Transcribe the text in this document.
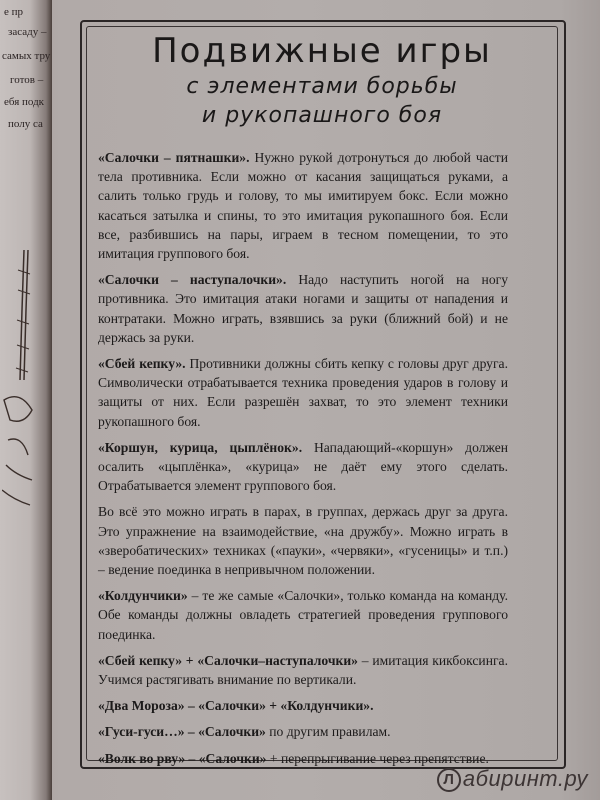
е пр
засаду –
самых тру
готов –
ебя подк
полу са
Подвижные игры
с элементами борьбы
и рукопашного боя

«Салочки – пятнашки». Нужно рукой дотронуться до любой части тела противника. Если можно от касания защищаться руками, а салить только грудь и голову, то мы имитируем бокс. Если можно касаться затылка и спины, то это имитация рукопашного боя. Если все, разбившись на пары, играем в тесном помещении, то это имитация группового боя.

«Салочки – наступалочки». Надо наступить ногой на ногу противника. Это имитация атаки ногами и защиты от нападения и контратаки. Можно играть, взявшись за руки (ближний бой) и не держась за руки.

«Сбей кепку». Противники должны сбить кепку с головы друг друга. Символически отрабатывается техника проведения ударов в голову и защиты от них. Если разрешён захват, то это элемент техники рукопашного боя.

«Коршун, курица, цыплёнок». Нападающий-«коршун» должен осалить «цыплёнка», «курица» не даёт ему этого сделать. Отрабатывается элемент группового боя.

Во всё это можно играть в парах, в группах, держась друг за друга. Это упражнение на взаимодействие, «на дружбу». Можно играть в «зверобатических» техниках («пауки», «червяки», «гусеницы» и т.п.) – ведение поединка в непривычном положении.

«Колдунчики» – те же самые «Салочки», только команда на команду. Обе команды должны овладеть стратегией проведения группового поединка.

«Сбей кепку» + «Салочки–наступалочки» – имитация кикбоксинга. Учимся растягивать внимание по вертикали.

«Два Мороза» – «Салочки» + «Колдунчики».

«Гуси-гуси…» – «Салочки» по другим правилам.

«Волк во рву» – «Салочки» + перепрыгивание через препятствие.

Л абиринт.ру
